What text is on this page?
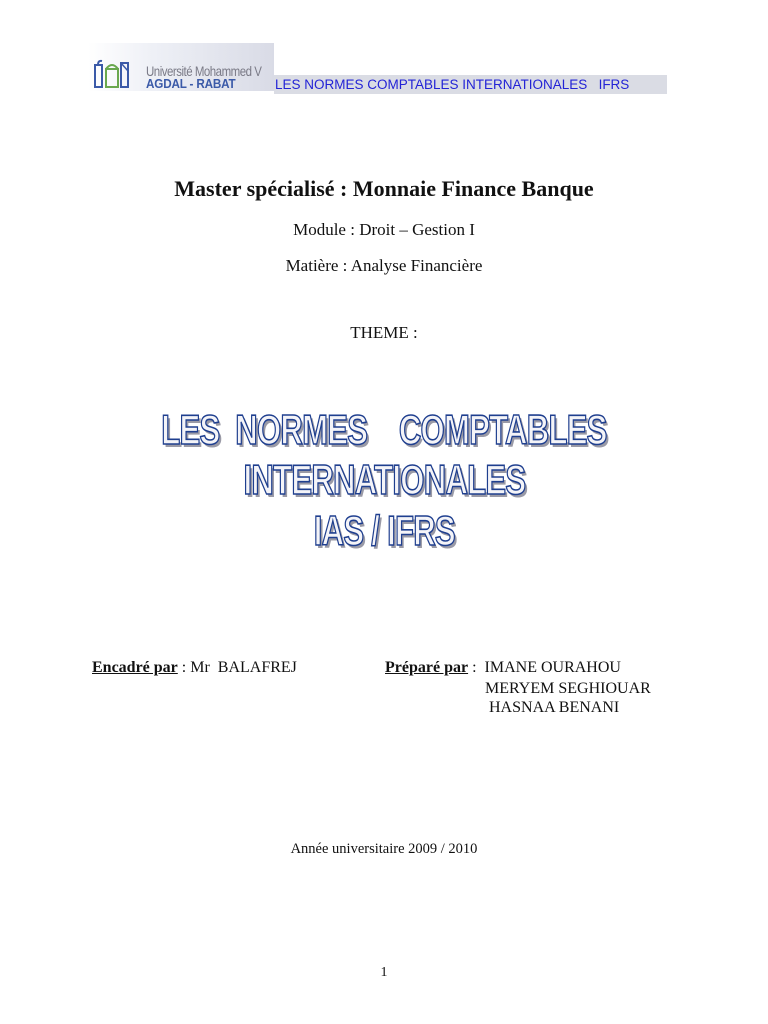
Université Mohammed V
AGDAL - RABAT	LES NORMES COMPTABLES INTERNATIONALES   IFRS
Master spécialisé : Monnaie Finance Banque
Module : Droit – Gestion I
Matière : Analyse Financière
THEME :
LES  NORMES    COMPTABLES
INTERNATIONALES
IAS / IFRS
Encadré par : Mr  BALAFREJ	Préparé par :  IMANE OURAHOU
MERYEM SEGHIOUAR
HASNAA BENANI
Année universitaire 2009 / 2010
1
